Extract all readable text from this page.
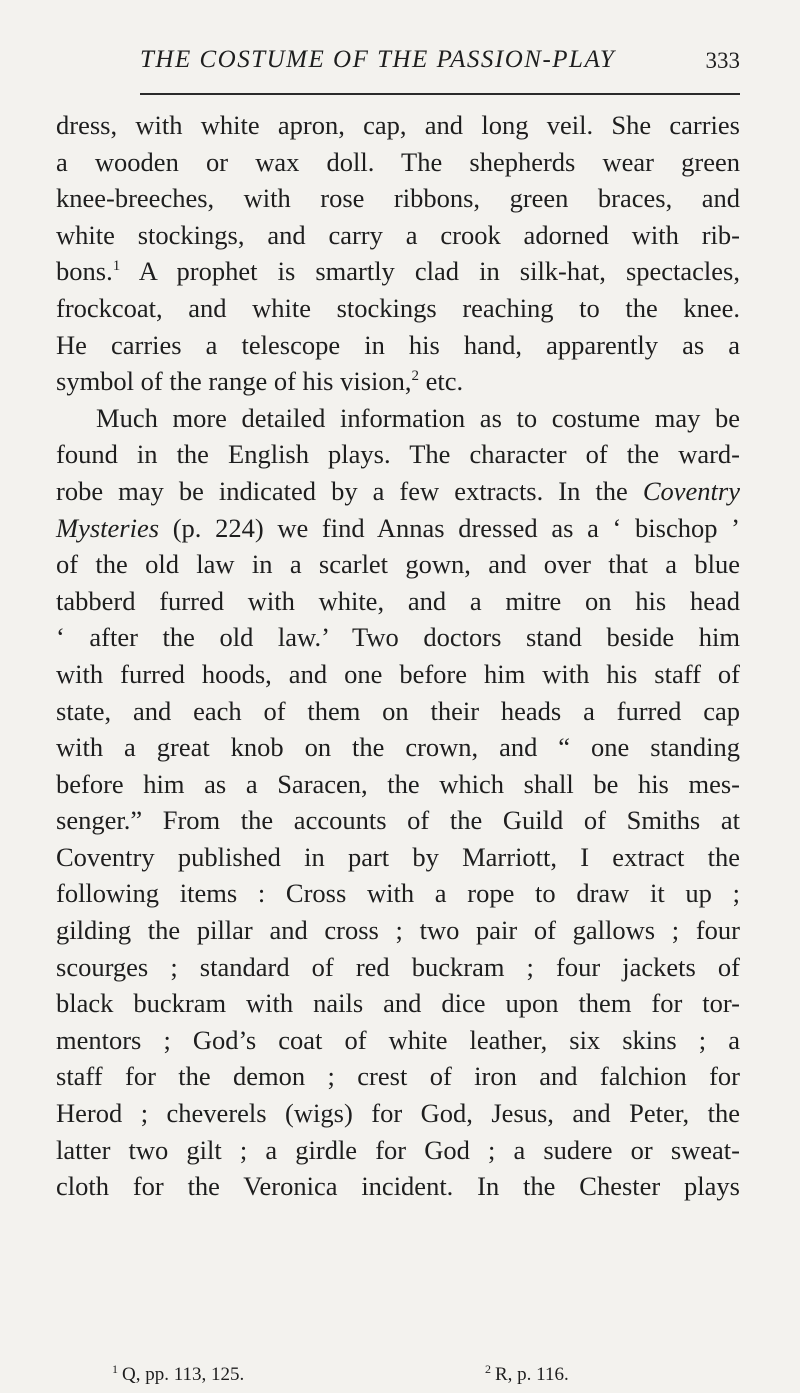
THE COSTUME OF THE PASSION-PLAY	333
dress, with white apron, cap, and long veil. She carries
a wooden or wax doll. The shepherds wear green
knee-breeches, with rose ribbons, green braces, and
white stockings, and carry a crook adorned with rib-
bons.$^1$ A prophet is smartly clad in silk-hat, spectacles,
frockcoat, and white stockings reaching to the knee.
He carries a telescope in his hand, apparently as a
symbol of the range of his vision,$^2$ etc.
Much more detailed information as to costume may be
found in the English plays. The character of the ward-
robe may be indicated by a few extracts. In the Coventry
Mysteries (p. 224) we find Annas dressed as a ‘ bischop ’
of the old law in a scarlet gown, and over that a blue
tabberd furred with white, and a mitre on his head
‘ after the old law.’ Two doctors stand beside him
with furred hoods, and one before him with his staff of
state, and each of them on their heads a furred cap
with a great knob on the crown, and “ one standing
before him as a Saracen, the which shall be his mes-
senger.” From the accounts of the Guild of Smiths at
Coventry published in part by Marriott, I extract the
following items : Cross with a rope to draw it up ;
gilding the pillar and cross ; two pair of gallows ; four
scourges ; standard of red buckram ; four jackets of
black buckram with nails and dice upon them for tor-
mentors ; God’s coat of white leather, six skins ; a
staff for the demon ; crest of iron and falchion for
Herod ; cheverels (wigs) for God, Jesus, and Peter, the
latter two gilt ; a girdle for God ; a sudere or sweat-
cloth for the Veronica incident. In the Chester plays
$^1$ Q, pp. 113, 125.	$^2$ R, p. 116.
